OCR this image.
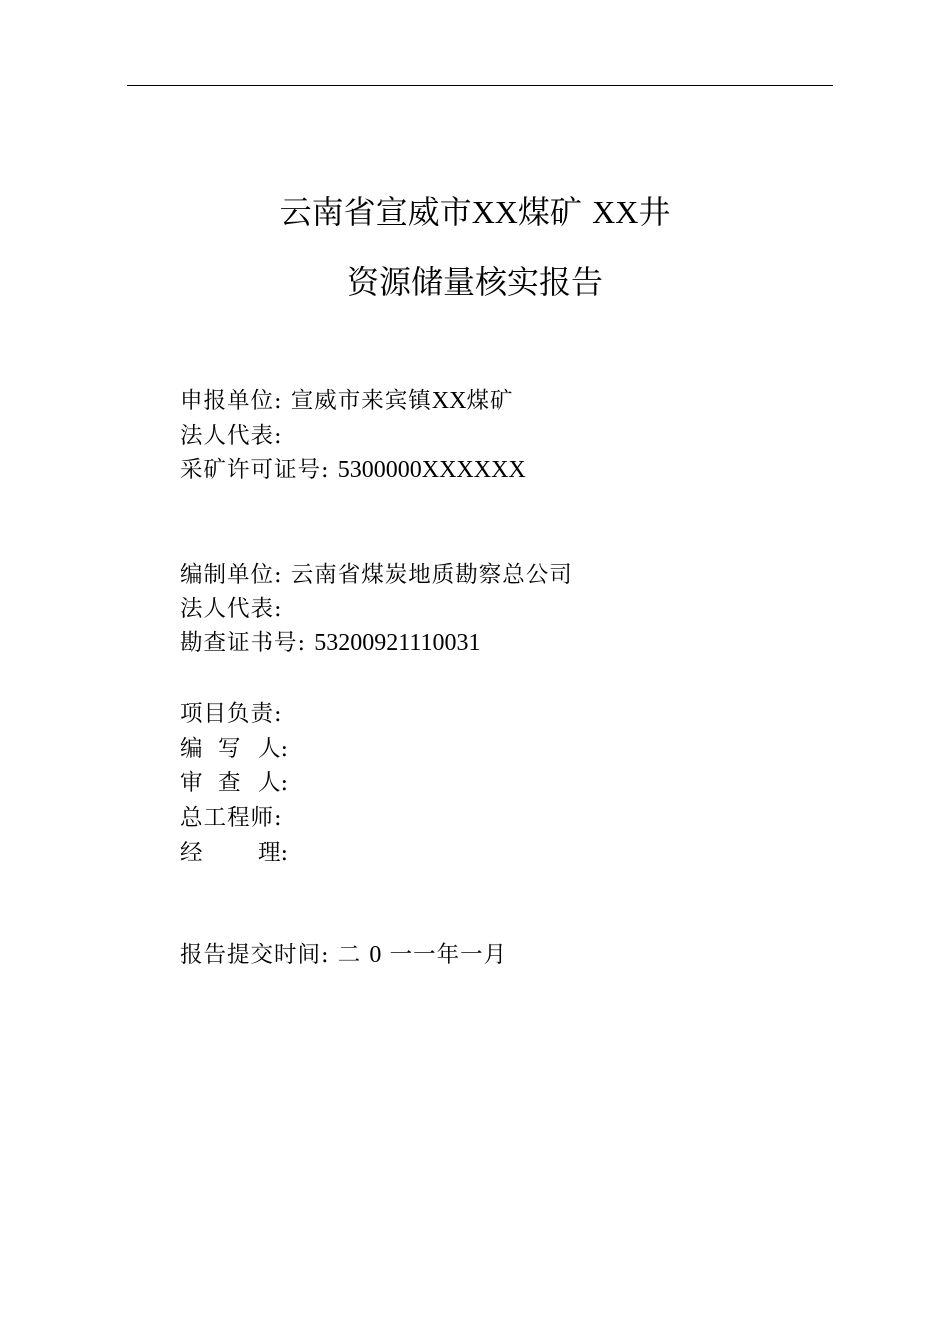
云南省宣威市XX煤矿 XX井
资源储量核实报告
申报单位: 宣威市来宾镇XX煤矿
法人代表:
采矿许可证号: 5300000XXXXXX
编制单位: 云南省煤炭地质勘察总公司
法人代表:
勘查证书号: 53200921110031
项目负责:
编 写 人:
审 查 人:
总工程师:
经 理:
报告提交时间: 二 0 一一年一月
